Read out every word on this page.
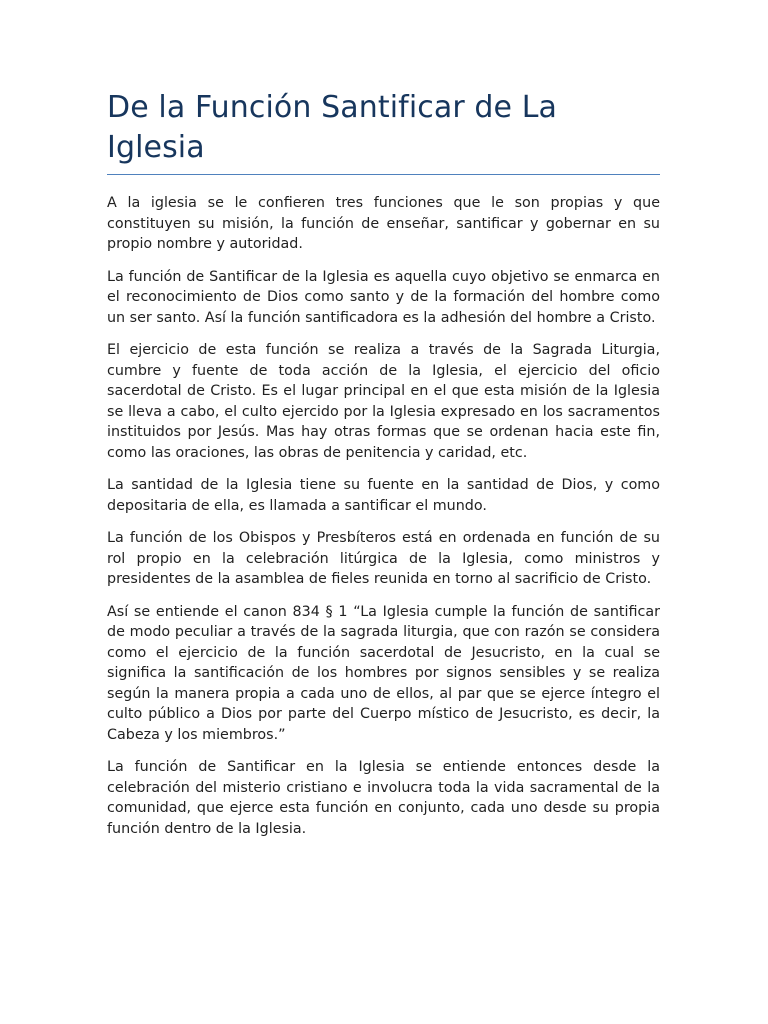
De la Función Santificar de La Iglesia

A la iglesia se le confieren tres funciones que le son propias y que constituyen su misión, la función de enseñar, santificar y gobernar en su propio nombre y autoridad.

La función de Santificar de la Iglesia es aquella cuyo objetivo se enmarca en el reconocimiento de Dios como santo y de la formación del hombre como un ser santo. Así la función santificadora es la adhesión del hombre a Cristo.

El ejercicio de esta función se realiza a través de la Sagrada Liturgia, cumbre y fuente de toda acción de la Iglesia, el ejercicio del oficio sacerdotal de Cristo. Es el lugar principal en el que esta misión de la Iglesia se lleva a cabo, el culto ejercido por la Iglesia expresado en los sacramentos instituidos por Jesús. Mas hay otras formas que se ordenan hacia este fin, como las oraciones, las obras de penitencia y caridad, etc.

La santidad de la Iglesia tiene su fuente en la santidad de Dios, y como depositaria de ella, es llamada a santificar el mundo.

La función de los Obispos y Presbíteros está en ordenada en función de su rol propio en la celebración litúrgica de la Iglesia, como ministros y presidentes de la asamblea de fieles reunida en torno al sacrificio de Cristo.

Así se entiende el canon 834 § 1 “La Iglesia cumple la función de santificar de modo peculiar a través de la sagrada liturgia, que con razón se considera como el ejercicio de la función sacerdotal de Jesucristo, en la cual se significa la santificación de los hombres por signos sensibles y se realiza según la manera propia a cada uno de ellos, al par que se ejerce íntegro el culto público a Dios por parte del Cuerpo místico de Jesucristo, es decir, la Cabeza y los miembros.”

La función de Santificar en la Iglesia se entiende entonces desde la celebración del misterio cristiano e involucra toda la vida sacramental de la comunidad, que ejerce esta función en conjunto, cada uno desde su propia función dentro de la Iglesia.
